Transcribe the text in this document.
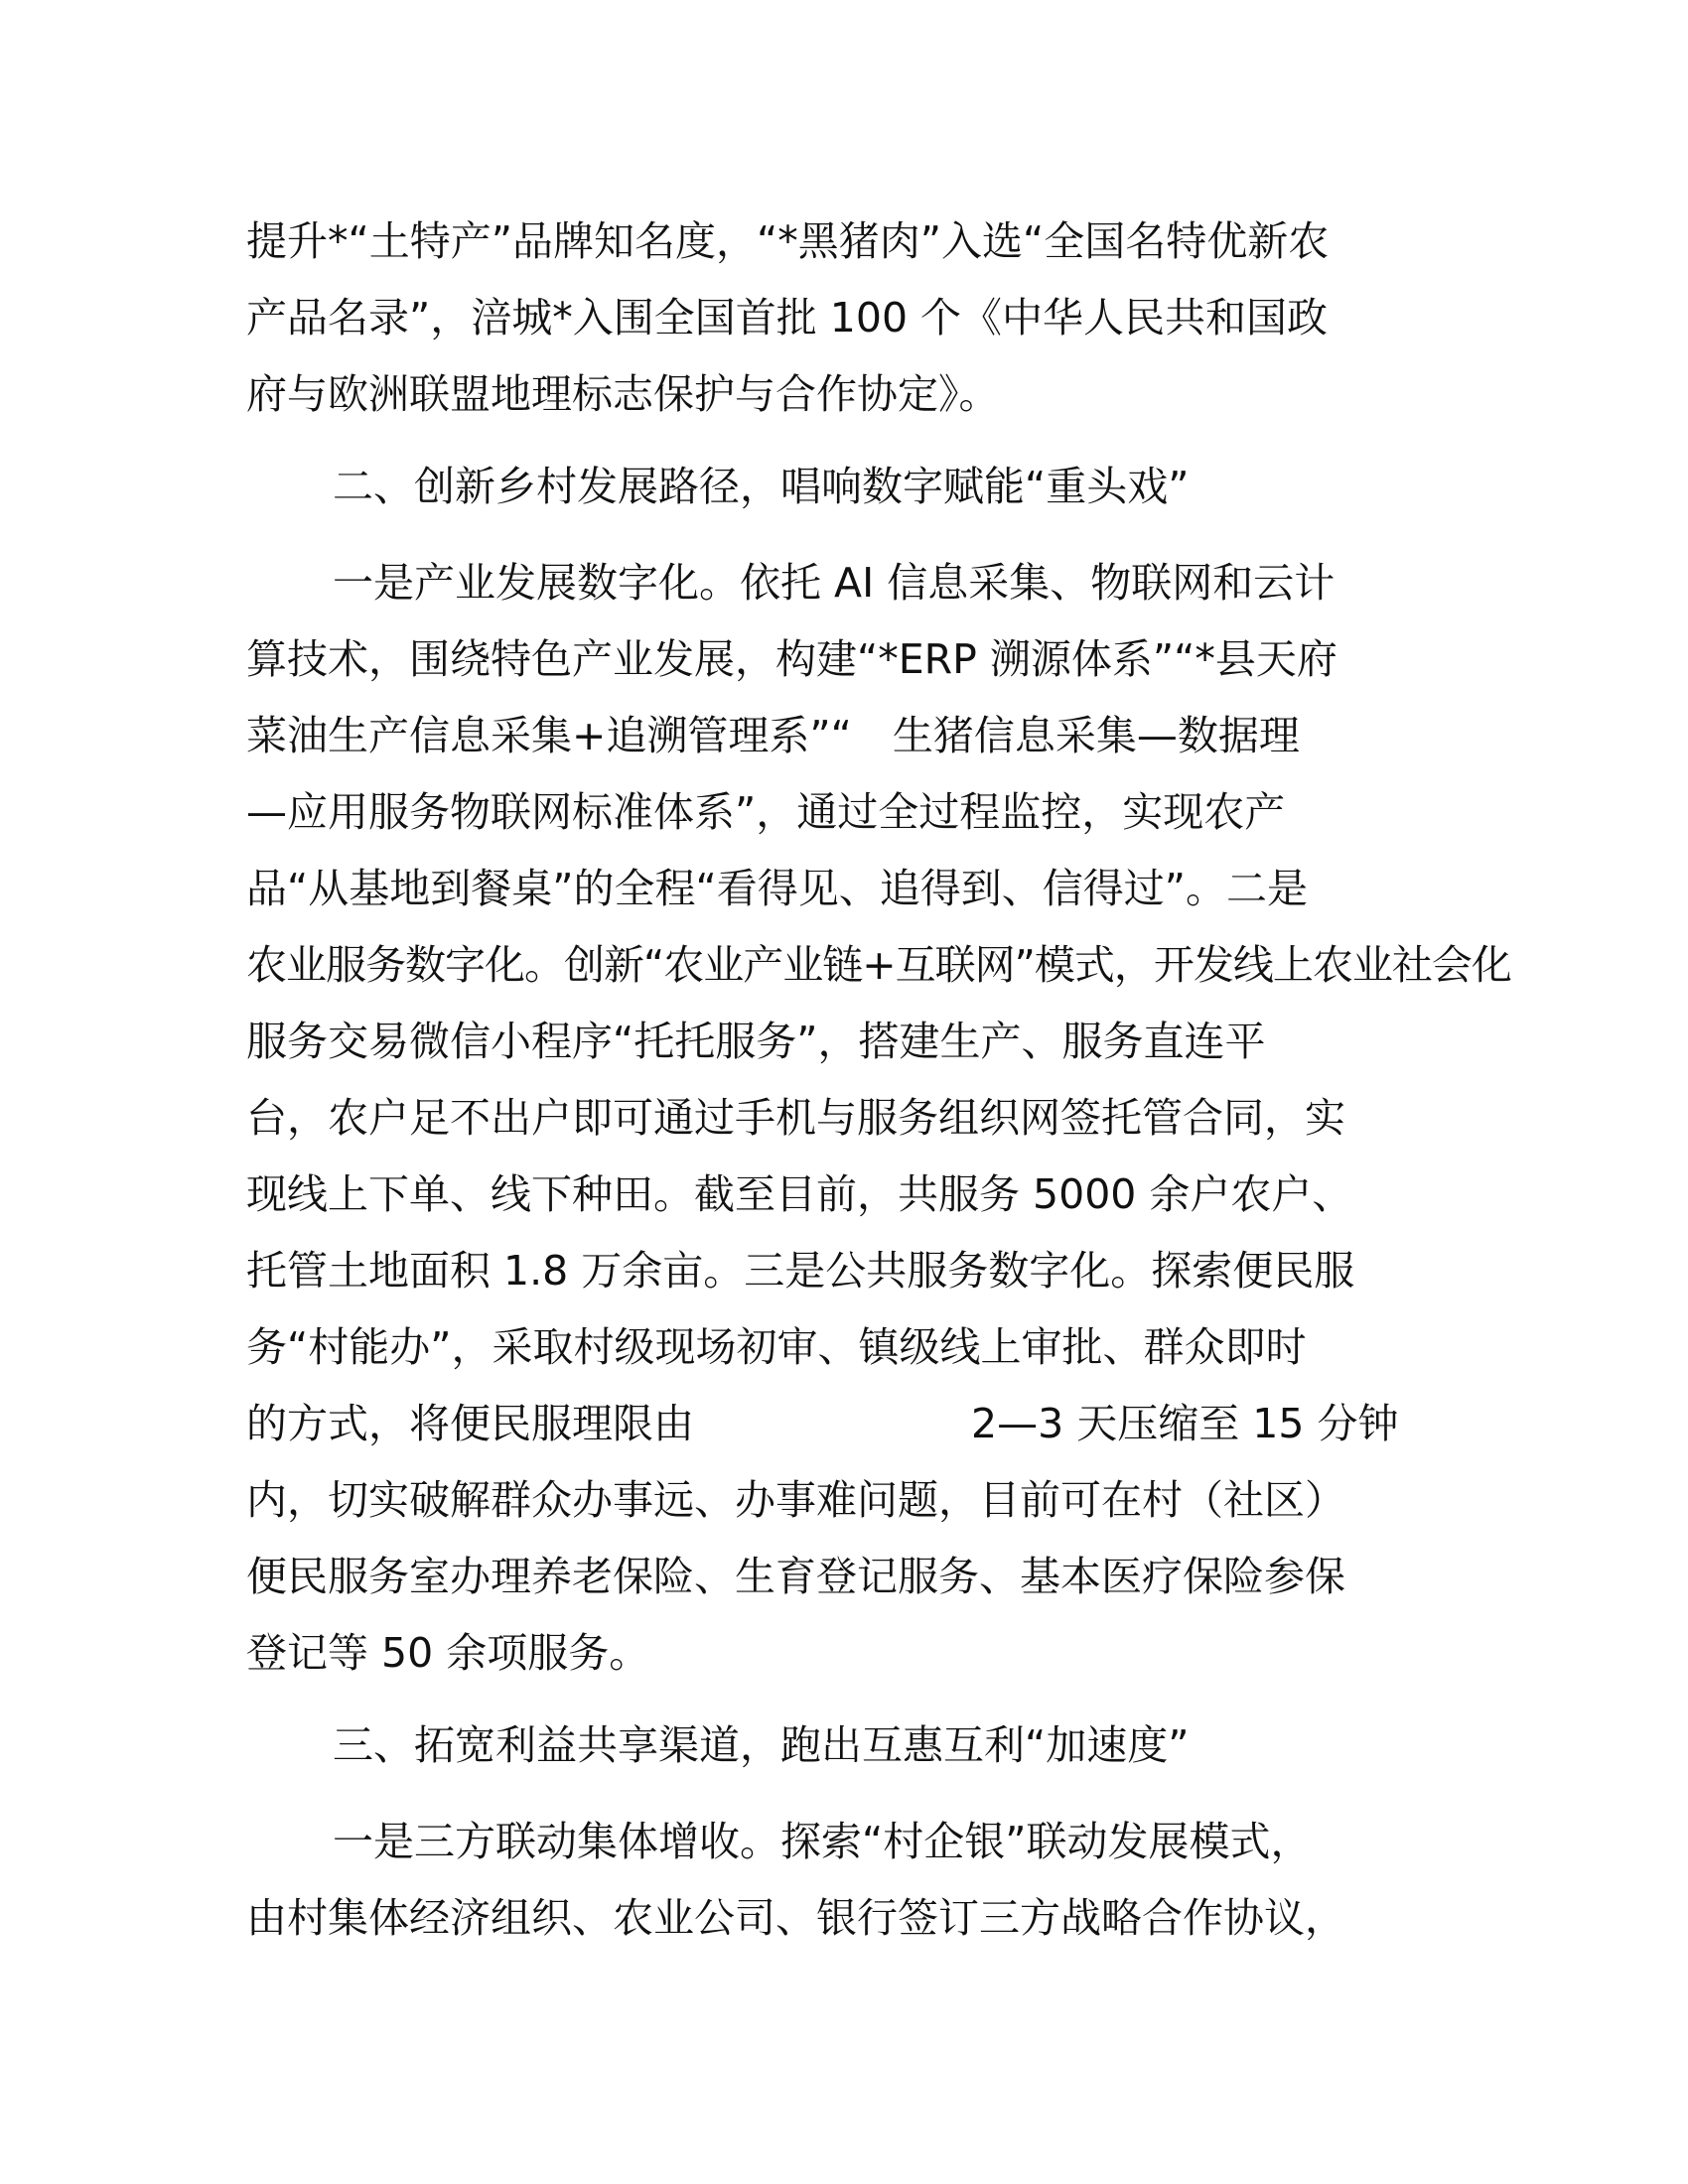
提升*“土特产”品牌知名度，“*黑猪肉”入选“全国名特优新农
产品名录”，涪城*入围全国首批 100 个《中华人民共和国政
府与欧洲联盟地理标志保护与合作协定》。
二、创新乡村发展路径，唱响数字赋能“重头戏”
一是产业发展数字化。依托 AI 信息采集、物联网和云计
算技术，围绕特色产业发展，构建“*ERP 溯源体系”“*县天府
菜油生产信息采集+追溯管理系”“　生猪信息采集—数据理
—应用服务物联网标准体系”，通过全过程监控，实现农产
品“从基地到餐桌”的全程“看得见、追得到、信得过”。二是
农业服务数字化。创新“农业产业链+互联网”模式，开发线上农业社会化
服务交易微信小程序“托托服务”，搭建生产、服务直连平
台，农户足不出户即可通过手机与服务组织网签托管合同，实
现线上下单、线下种田。截至目前，共服务 5000 余户农户、
托管土地面积 1.8 万余亩。三是公共服务数字化。探索便民服
务“村能办”，采取村级现场初审、镇级线上审批、群众即时
的方式，将便民服理限由	2—3 天压缩至 15 分钟
内，切实破解群众办事远、办事难问题，目前可在村（社区）
便民服务室办理养老保险、生育登记服务、基本医疗保险参保
登记等 50 余项服务。
三、拓宽利益共享渠道，跑出互惠互利“加速度”
一是三方联动集体增收。探索“村企银”联动发展模式，
由村集体经济组织、农业公司、银行签订三方战略合作协议，
